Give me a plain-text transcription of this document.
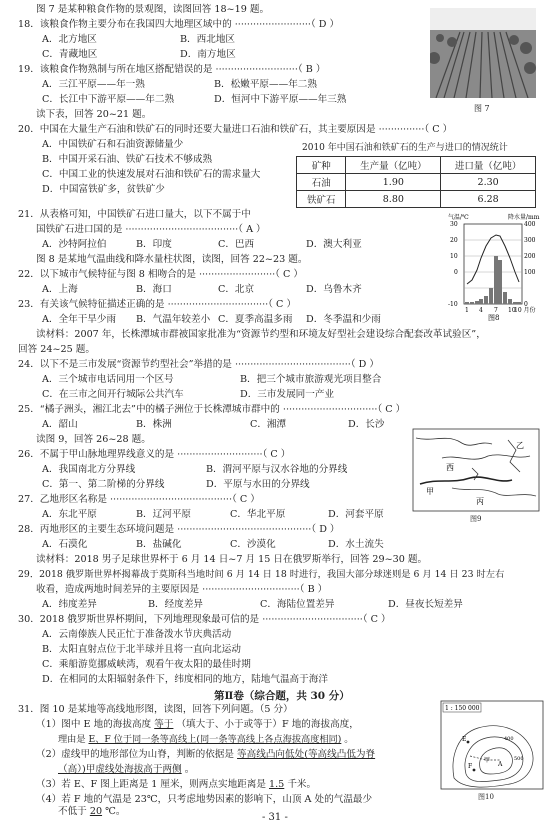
图 7 是某种粮食作物的景观图，读图回答 18~19 题。
18．该粮食作物主要分布在我国四大地理区域中的 ·························（ D ）
A．北方地区	B．西北地区
C．青藏地区	D．南方地区
19．该粮食作物熟制与所在地区搭配错误的是 ···························（ B ）
A．三江平原——年一熟	B．松嫩平原——年二熟
C．长江中下游平原——年二熟	D．恒河中下游平原——年三熟
读下表，回答 20~21 题。
图 7
20．中国在大量生产石油和铁矿石的同时还要大量进口石油和铁矿石，其主要原因是 ···············（ C ）
A．中国铁矿石和石油资源储量少
B．中国开采石油、铁矿石技术不够成熟
C．中国工业的快速发展对石油和铁矿石的需求量大
D．中国富铁矿多，贫铁矿少
2010 年中国石油和铁矿石的生产与进口的情况统计
矿种	生产量（亿吨）	进口量（亿吨）
石油	1.90	2.30
铁矿石	8.80	6.28
21．从表格可知，中国铁矿石进口量大，以下不属于中
国铁矿石进口国的是 ·····································（ A ）
A．沙特阿拉伯	B．印度	C．巴西	D．澳大利亚
图 8 是某地气温曲线和降水量柱状图，读图，回答 22~23 题。
22．以下城市气候特征与图 8 相吻合的是 ·························（ C ）
A．上海	B．海口	C．北京	D．乌鲁木齐
23．有关该气候特征描述正确的是 ·································（ C ）
A．全年干旱少雨 B．气温年较差小 C．夏季高温多雨 D．冬季温和少雨
气温/℃	降水量/mm
30
20
10
0
-10
400
300
200
100
0
1 4 7 10
10 月份
图8
读材料：2007 年，长株潭城市群被国家批准为“资源节约型和环境友好型社会建设综合配套改革试验区”，
回答 24~25 题。
24．以下不是三市发展“资源节约型社会”举措的是 ······································（ D ）
A．三个城市电话同用一个区号	B．把三个城市旅游观光项目整合
C．在三市之间开行城际公共汽车	D．三市发展同一产业
25．“橘子洲头，湘江北去”中的橘子洲位于长株潭城市群中的 ·······························（ C ）
A．韶山	B．株洲	C．湘潭	D．长沙
读图 9，回答 26~28 题。
26．不属于甲山脉地理界线意义的是 ····························（ C ）
A．我国南北方分界线	B．渭河平原与汉水谷地的分界线
C．第一、第二阶梯的分界线	D．平原与水田的分界线
27．乙地形区名称是 ········································（ C ）
A．东北平原	B．辽河平原	C．华北平原	D．河套平原
西
甲
乙
丙
图9
28．丙地形区的主要生态环境问题是 ············································（ D ）
A．石漠化	B．盐碱化	C．沙漠化	D．水土流失
读材料：2018 男子足球世界杯于 6 月 14 日~7 月 15 日在俄罗斯举行，回答 29~30 题。
29．2018 俄罗斯世界杯揭幕战于莫斯科当地时间 6 月 14 日 18 时进行，我国大部分球迷则是 6 月 14 日 23 时左右
收看，造成两地时间差异的主要原因是 ································（ B ）
A．纬度差异	B．经度差异	C．海陆位置差异	D．昼夜长短差异
30．2018 俄罗斯世界杯期间，下列地理现象最可信的是 ·································（ C ）
A．云南傣族人民正忙于准备泼水节庆典活动
B．太阳直射点位于北半球并且将一直向北运动
C．乘船游览挪威峡湾，观看午夜太阳的最佳时期
D．在相同的太阳辐射条件下，纬度相同的地方，陆地气温高于海洋
第Ⅱ卷（综合题，共 30 分）
31．图 10 是某地等高线地形图，读图，回答下列问题。（5 分）
（1）图中 E 地的海拔高度 等于 （填大于、小于或等于）F 地的海拔高度，
理由是 E、F 位于同一条等高线上(同一条等高线上各点海拔高度相同) 。
（2）虚线甲的地形部位为山脊，判断的依据是 等高线凸向低处(等高线凸低为脊
（高）)甲虚线处海拔高于两侧 。
（3）若 E、F 图上距离是 1 厘米，则两点实地距离是 1.5 千米。
（4）若 F 地的气温是 23℃，只考虑地势因素的影响下，山顶 A 处的气温最少
不低于 20 ℃。
1 : 150 000
E
F	A
甲
400
500
图10
- 31 -
